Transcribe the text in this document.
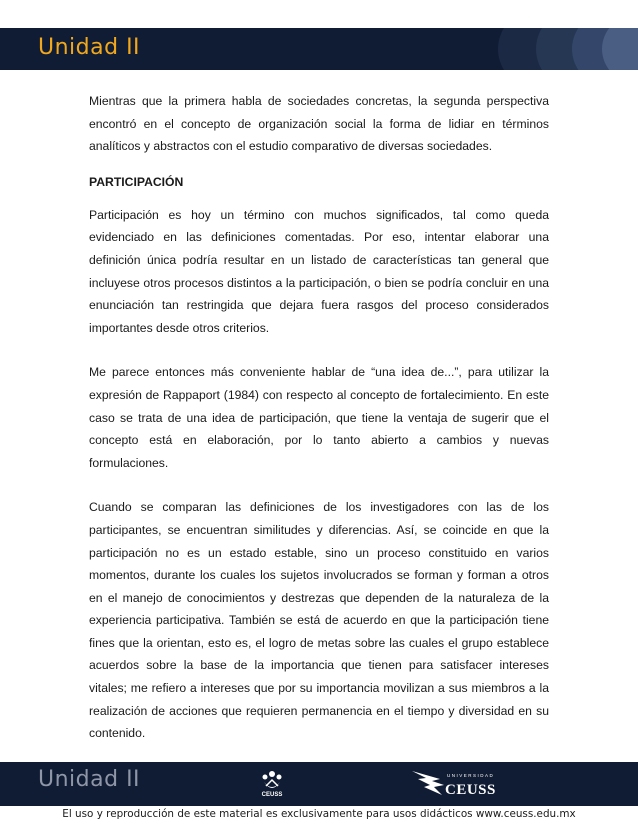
Unidad II

Mientras que la primera habla de sociedades concretas, la segunda perspectiva encontró en el concepto de organización social la forma de lidiar en términos analíticos y abstractos con el estudio comparativo de diversas sociedades.

PARTICIPACIÓN

Participación es hoy un término con muchos significados, tal como queda evidenciado en las definiciones comentadas. Por eso, intentar elaborar una definición única podría resultar en un listado de características tan general que incluyese otros procesos distintos a la participación, o bien se podría concluir en una enunciación tan restringida que dejara fuera rasgos del proceso considerados importantes desde otros criterios.

Me parece entonces más conveniente hablar de “una idea de...”, para utilizar la expresión de Rappaport (1984) con respecto al concepto de fortalecimiento. En este caso se trata de una idea de participación, que tiene la ventaja de sugerir que el concepto está en elaboración, por lo tanto abierto a cambios y nuevas formulaciones.

Cuando se comparan las definiciones de los investigadores con las de los participantes, se encuentran similitudes y diferencias. Así, se coincide en que la participación no es un estado estable, sino un proceso constituido en varios momentos, durante los cuales los sujetos involucrados se forman y forman a otros en el manejo de conocimientos y destrezas que dependen de la naturaleza de la experiencia participativa. También se está de acuerdo en que la participación tiene fines que la orientan, esto es, el logro de metas sobre las cuales el grupo establece acuerdos sobre la base de la importancia que tienen para satisfacer intereses vitales; me refiero a intereses que por su importancia movilizan a sus miembros a la realización de acciones que requieren permanencia en el tiempo y diversidad en su contenido.

Unidad II
CEUSS
UNIVERSIDAD
CEUSS
El uso y reproducción de este material es exclusivamente para usos didácticos www.ceuss.edu.mx
